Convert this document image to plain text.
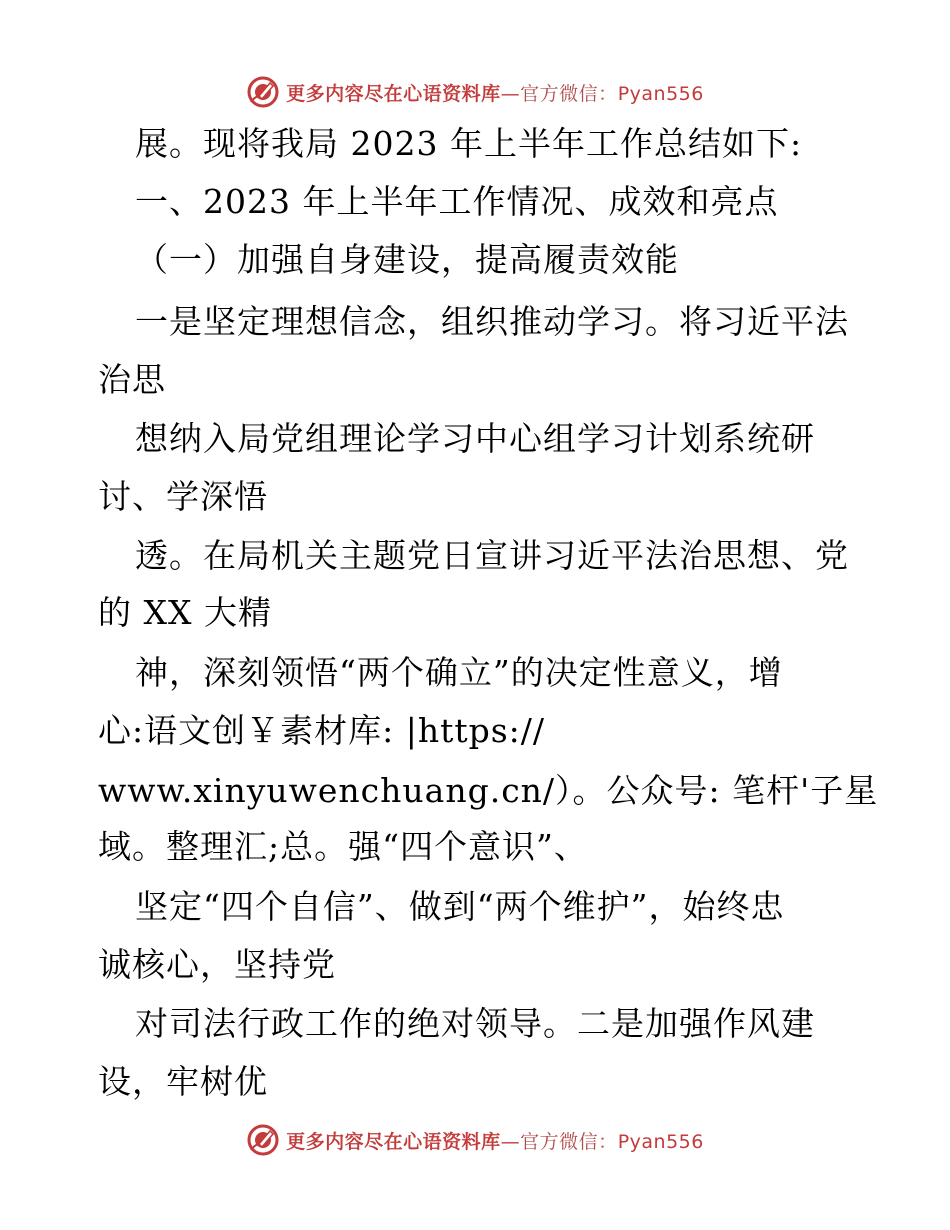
更多内容尽在心语资料库—官方微信：Pyan556
展。现将我局 2023 年上半年工作总结如下:
一、2023 年上半年工作情况、成效和亮点
（一）加强自身建设，提高履责效能
一是坚定理想信念，组织推动学习。将习近平法
治思
想纳入局党组理论学习中心组学习计划系统研
讨、学深悟
透。在局机关主题党日宣讲习近平法治思想、党
的 XX 大精
神，深刻领悟“两个确立”的决定性意义，增
心:语文创￥素材库: |https://
www.xinyuwenchuang.cn/）。公众号: 笔杆'子星
域。整理汇;总。强“四个意识”、
坚定“四个自信”、做到“两个维护”，始终忠
诚核心，坚持党
对司法行政工作的绝对领导。二是加强作风建
设，牢树优
更多内容尽在心语资料库—官方微信：Pyan556
